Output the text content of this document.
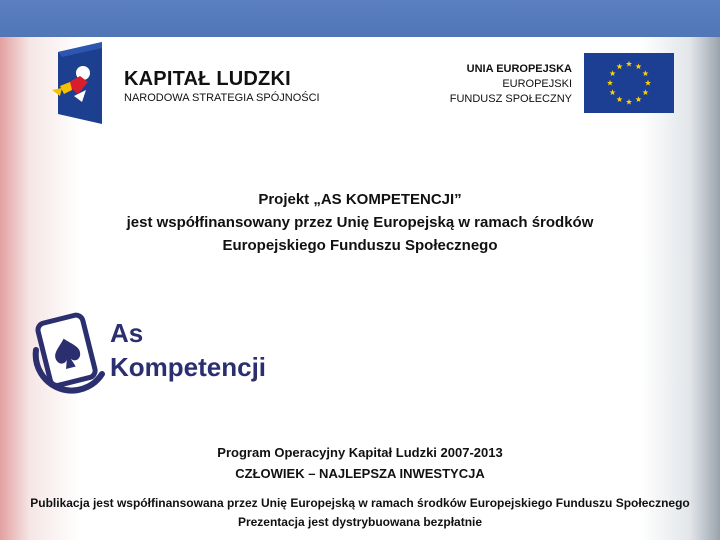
KAPITAŁ LUDZKI
NARODOWA STRATEGIA SPÓJNOŚCI
UNIA EUROPEJSKA
EUROPEJSKI
FUNDUSZ SPOŁECZNY
Projekt „AS KOMPETENCJI”
jest współfinansowany przez Unię Europejską w ramach środków
Europejskiego Funduszu Społecznego
As
Kompetencji
Program Operacyjny Kapitał Ludzki 2007-2013
CZŁOWIEK – NAJLEPSZA INWESTYCJA
Publikacja jest współfinansowana przez Unię Europejską w ramach środków Europejskiego Funduszu Społecznego
Prezentacja jest dystrybuowana bezpłatnie
